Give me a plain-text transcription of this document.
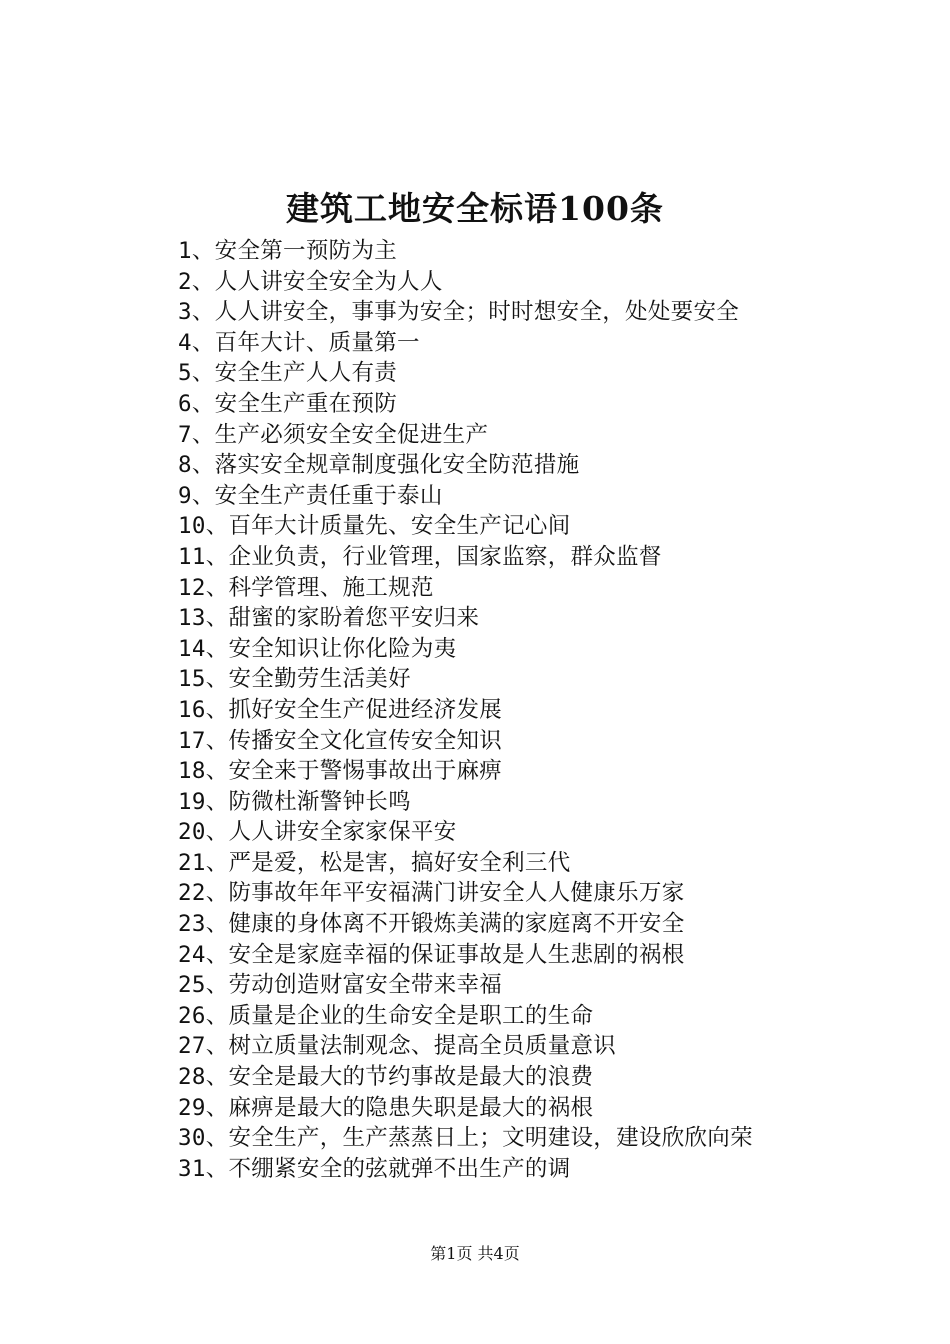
建筑工地安全标语100条
1、安全第一预防为主
2、人人讲安全安全为人人
3、人人讲安全，事事为安全；时时想安全，处处要安全
4、百年大计、质量第一
5、安全生产人人有责
6、安全生产重在预防
7、生产必须安全安全促进生产
8、落实安全规章制度强化安全防范措施
9、安全生产责任重于泰山
10、百年大计质量先、安全生产记心间
11、企业负责，行业管理，国家监察，群众监督
12、科学管理、施工规范
13、甜蜜的家盼着您平安归来
14、安全知识让你化险为夷
15、安全勤劳生活美好
16、抓好安全生产促进经济发展
17、传播安全文化宣传安全知识
18、安全来于警惕事故出于麻痹
19、防微杜渐警钟长鸣
20、人人讲安全家家保平安
21、严是爱，松是害，搞好安全利三代
22、防事故年年平安福满门讲安全人人健康乐万家
23、健康的身体离不开锻炼美满的家庭离不开安全
24、安全是家庭幸福的保证事故是人生悲剧的祸根
25、劳动创造财富安全带来幸福
26、质量是企业的生命安全是职工的生命
27、树立质量法制观念、提高全员质量意识
28、安全是最大的节约事故是最大的浪费
29、麻痹是最大的隐患失职是最大的祸根
30、安全生产，生产蒸蒸日上；文明建设，建设欣欣向荣
31、不绷紧安全的弦就弹不出生产的调
第1页 共4页
